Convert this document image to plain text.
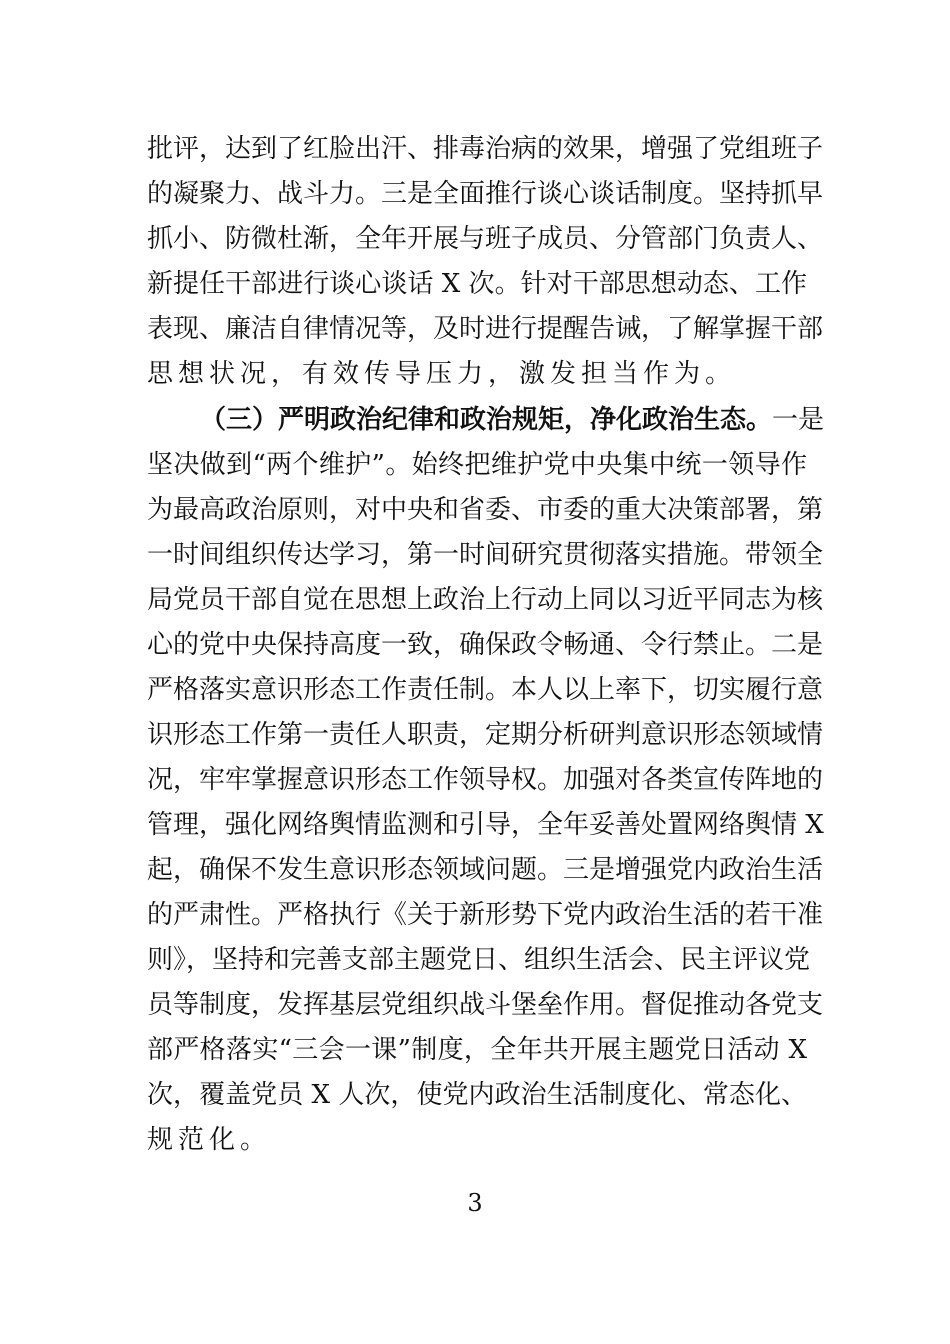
批评，达到了红脸出汗、排毒治病的效果，增强了党组班子
的凝聚力、战斗力。三是全面推行谈心谈话制度。坚持抓早
抓小、防微杜渐，全年开展与班子成员、分管部门负责人、
新提任干部进行谈心谈话 X 次。针对干部思想动态、工作
表现、廉洁自律情况等，及时进行提醒告诫，了解掌握干部
思想状况，有效传导压力，激发担当作为。
（三）严明政治纪律和政治规矩，净化政治生态。一是
坚决做到“两个维护”。始终把维护党中央集中统一领导作
为最高政治原则，对中央和省委、市委的重大决策部署，第
一时间组织传达学习，第一时间研究贯彻落实措施。带领全
局党员干部自觉在思想上政治上行动上同以习近平同志为核
心的党中央保持高度一致，确保政令畅通、令行禁止。二是
严格落实意识形态工作责任制。本人以上率下，切实履行意
识形态工作第一责任人职责，定期分析研判意识形态领域情
况，牢牢掌握意识形态工作领导权。加强对各类宣传阵地的
管理，强化网络舆情监测和引导，全年妥善处置网络舆情 X
起，确保不发生意识形态领域问题。三是增强党内政治生活
的严肃性。严格执行《关于新形势下党内政治生活的若干准
则》，坚持和完善支部主题党日、组织生活会、民主评议党
员等制度，发挥基层党组织战斗堡垒作用。督促推动各党支
部严格落实“三会一课”制度，全年共开展主题党日活动 X
次，覆盖党员 X 人次，使党内政治生活制度化、常态化、
规范化。
3
